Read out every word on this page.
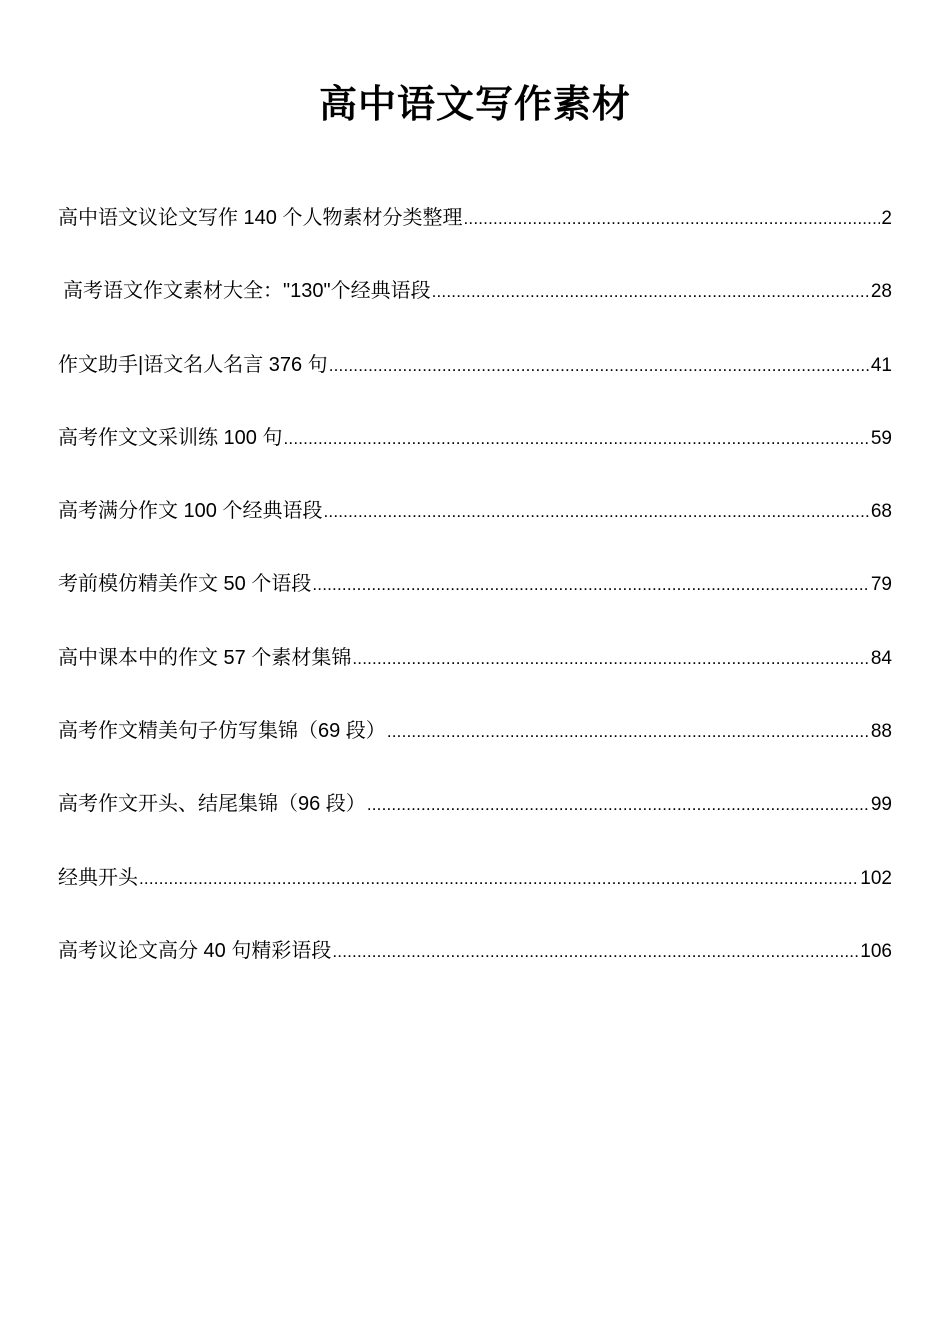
高中语文写作素材
高中语文议论文写作 140 个人物素材分类整理 .....	2
高考语文作文素材大全："130"个经典语段 .....	28
作文助手|语文名人名言 376 句 .....	41
高考作文文采训练 100 句 .....	59
高考满分作文 100 个经典语段 .....	68
考前模仿精美作文 50 个语段 .....	79
高中课本中的作文 57 个素材集锦 .....	84
高考作文精美句子仿写集锦（69 段） .....	88
高考作文开头、结尾集锦（96 段） .....	99
经典开头 .....	102
高考议论文高分 40 句精彩语段 .....	106
